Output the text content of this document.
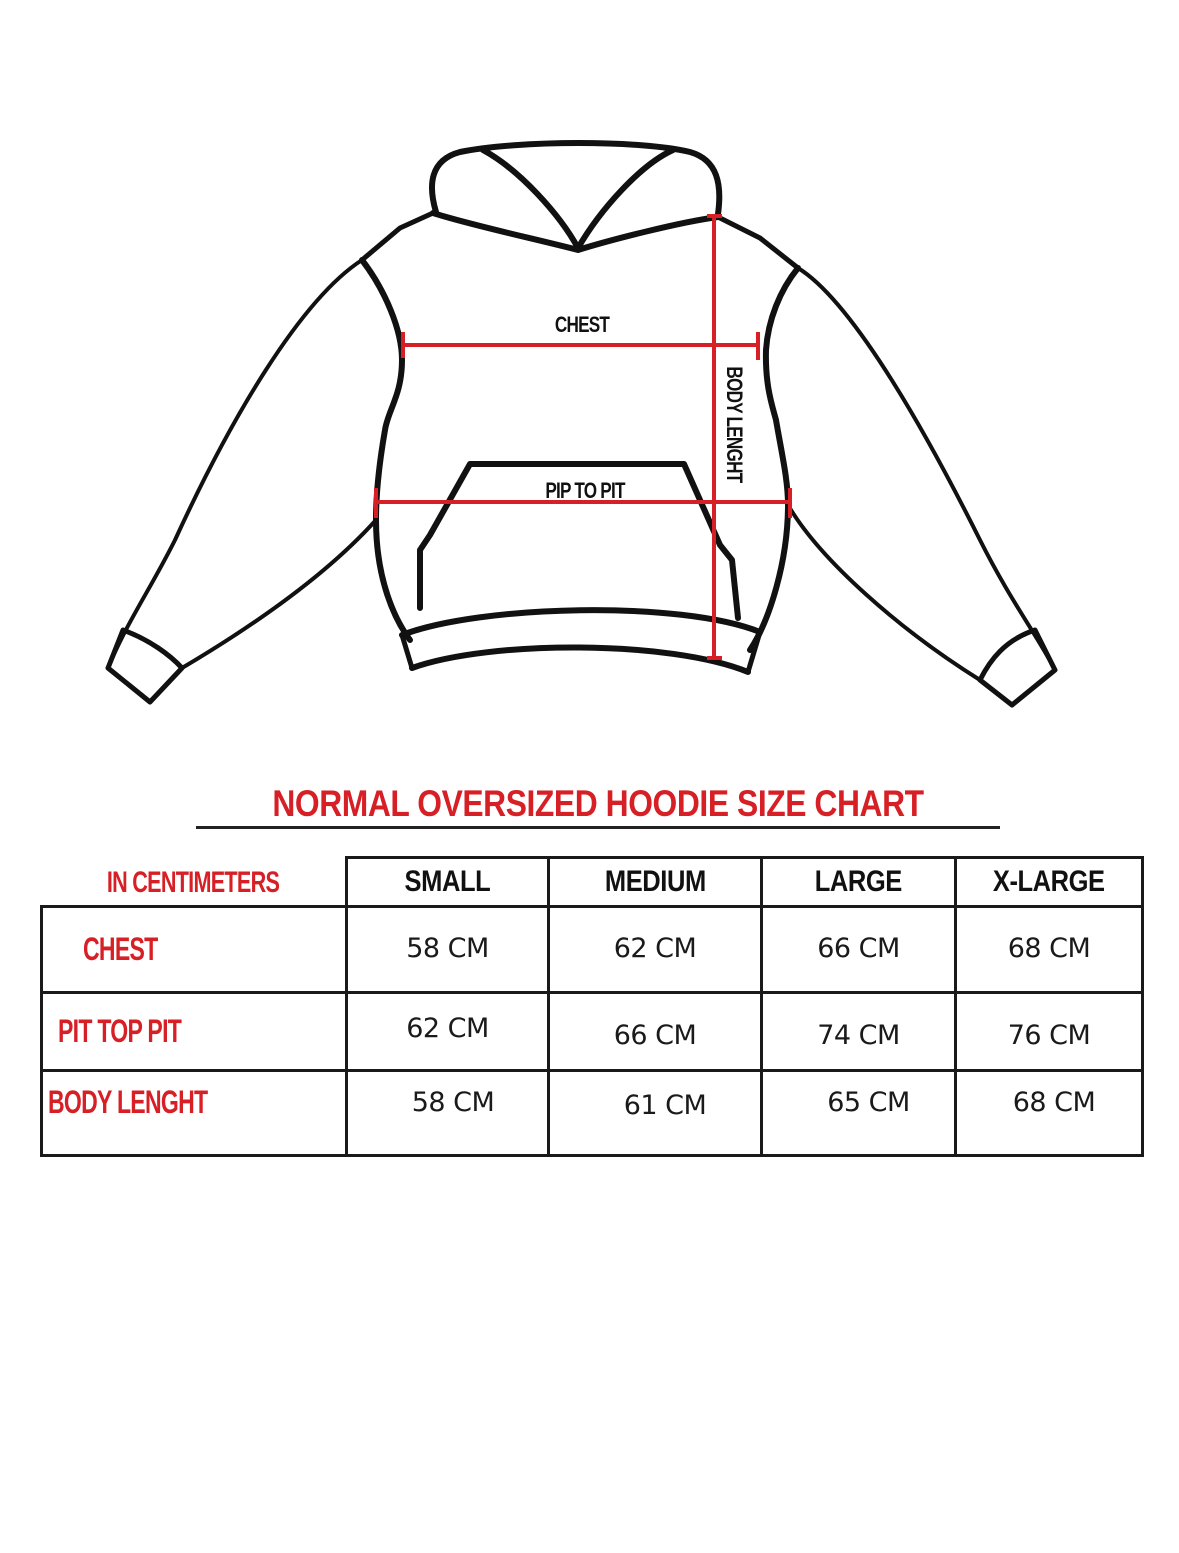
CHEST
PIP TO PIT
BODY LENGHT
NORMAL OVERSIZED HOODIE SIZE CHART
IN CENTIMETERS	SMALL	MEDIUM	LARGE	X-LARGE
CHEST	58 CM	62 CM	66 CM	68 CM
PIT TOP PIT	62 CM	66 CM	74 CM	76 CM
BODY LENGHT	58 CM	61 CM	65 CM	68 CM
